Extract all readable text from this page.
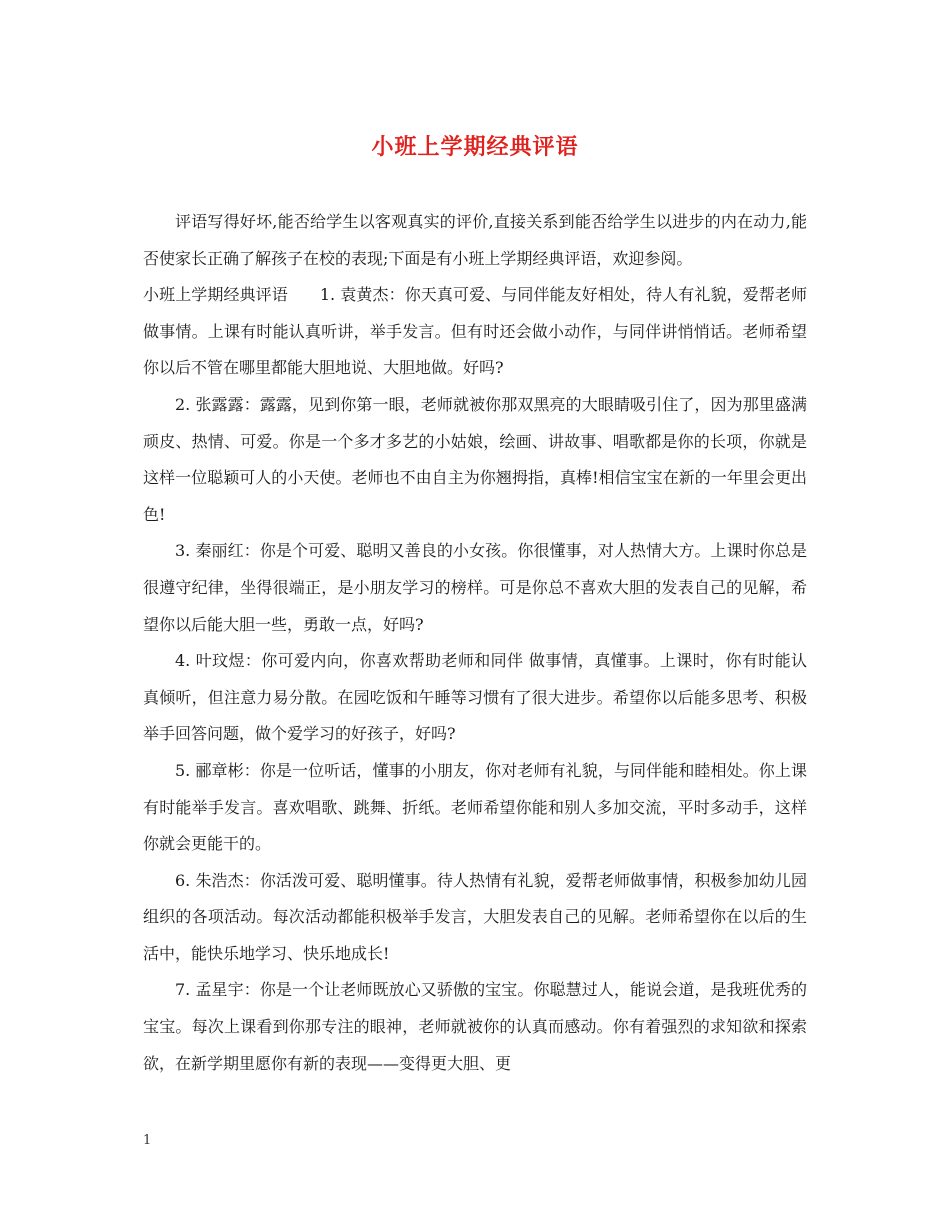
小班上学期经典评语

评语写得好坏,能否给学生以客观真实的评价,直接关系到能否给学生以进步的内在动力,能否使家长正确了解孩子在校的表现;下面是有小班上学期经典评语，欢迎参阅。

小班上学期经典评语   1. 袁黄杰：你天真可爱、与同伴能友好相处，待人有礼貌，爱帮老师做事情。上课有时能认真听讲，举手发言。但有时还会做小动作，与同伴讲悄悄话。老师希望你以后不管在哪里都能大胆地说、大胆地做。好吗?

2. 张露露：露露，见到你第一眼，老师就被你那双黑亮的大眼睛吸引住了，因为那里盛满顽皮、热情、可爱。你是一个多才多艺的小姑娘，绘画、讲故事、唱歌都是你的长项，你就是这样一位聪颖可人的小天使。老师也不由自主为你翘拇指，真棒!相信宝宝在新的一年里会更出色!

3. 秦丽红：你是个可爱、聪明又善良的小女孩。你很懂事，对人热情大方。上课时你总是很遵守纪律，坐得很端正，是小朋友学习的榜样。可是你总不喜欢大胆的发表自己的见解，希望你以后能大胆一些，勇敢一点，好吗?

4. 叶玟煜：你可爱内向，你喜欢帮助老师和同伴 做事情，真懂事。上课时，你有时能认真倾听，但注意力易分散。在园吃饭和午睡等习惯有了很大进步。希望你以后能多思考、积极举手回答问题，做个爱学习的好孩子，好吗?

5. 郦章彬：你是一位听话，懂事的小朋友，你对老师有礼貌，与同伴能和睦相处。你上课有时能举手发言。喜欢唱歌、跳舞、折纸。老师希望你能和别人多加交流，平时多动手，这样你就会更能干的。

6. 朱浩杰：你活泼可爱、聪明懂事。待人热情有礼貌，爱帮老师做事情，积极参加幼儿园组织的各项活动。每次活动都能积极举手发言，大胆发表自己的见解。老师希望你在以后的生活中，能快乐地学习、快乐地成长!

7. 孟星宇：你是一个让老师既放心又骄傲的宝宝。你聪慧过人，能说会道，是我班优秀的宝宝。每次上课看到你那专注的眼神，老师就被你的认真而感动。你有着强烈的求知欲和探索欲，在新学期里愿你有新的表现——变得更大胆、更

1
